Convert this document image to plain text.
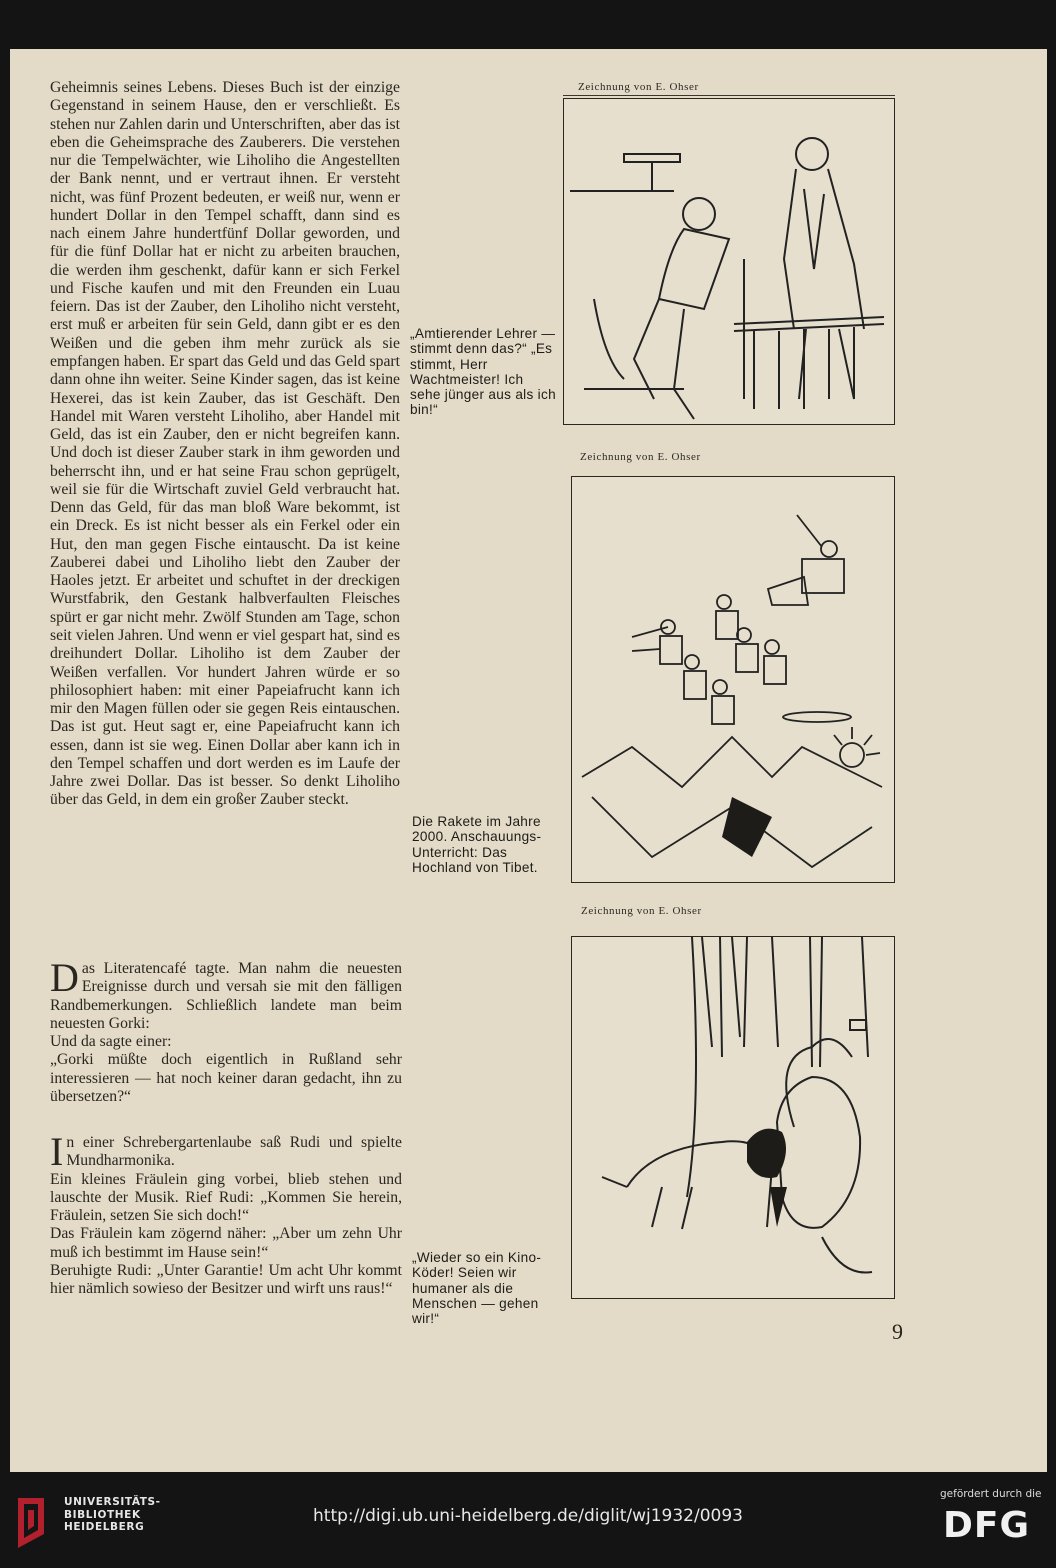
Geheimnis seines Lebens. Dieses Buch ist der einzige Gegenstand in seinem Hause, den er verschließt. Es stehen nur Zahlen darin und Unterschriften, aber das ist eben die Geheimsprache des Zauberers. Die verstehen nur die Tempelwächter, wie Liholiho die Angestellten der Bank nennt, und er vertraut ihnen. Er versteht nicht, was fünf Prozent bedeuten, er weiß nur, wenn er hundert Dollar in den Tempel schafft, dann sind es nach einem Jahre hundertfünf Dollar geworden, und für die fünf Dollar hat er nicht zu arbeiten brauchen, die werden ihm geschenkt, dafür kann er sich Ferkel und Fische kaufen und mit den Freunden ein Luau feiern. Das ist der Zauber, den Liholiho nicht versteht, erst muß er arbeiten für sein Geld, dann gibt er es den Weißen und die geben ihm mehr zurück als sie empfangen haben. Er spart das Geld und das Geld spart dann ohne ihn weiter. Seine Kinder sagen, das ist keine Hexerei, das ist kein Zauber, das ist Geschäft. Den Handel mit Waren versteht Liholiho, aber Handel mit Geld, das ist ein Zauber, den er nicht begreifen kann. Und doch ist dieser Zauber stark in ihm geworden und beherrscht ihn, und er hat seine Frau schon geprügelt, weil sie für die Wirtschaft zuviel Geld verbraucht hat. Denn das Geld, für das man bloß Ware bekommt, ist ein Dreck. Es ist nicht besser als ein Ferkel oder ein Hut, den man gegen Fische eintauscht. Da ist keine Zauberei dabei und Liholiho liebt den Zauber der Haoles jetzt. Er arbeitet und schuftet in der dreckigen Wurstfabrik, den Gestank halbverfaulten Fleisches spürt er gar nicht mehr. Zwölf Stunden am Tage, schon seit vielen Jahren. Und wenn er viel gespart hat, sind es dreihundert Dollar. Liholiho ist dem Zauber der Weißen verfallen. Vor hundert Jahren würde er so philosophiert haben: mit einer Papeiafrucht kann ich mir den Magen füllen oder sie gegen Reis eintauschen. Das ist gut. Heut sagt er, eine Papeiafrucht kann ich essen, dann ist sie weg. Einen Dollar aber kann ich in den Tempel schaffen und dort werden es im Laufe der Jahre zwei Dollar. Das ist besser. So denkt Liholiho über das Geld, in dem ein großer Zauber steckt.

Das Literatencafé tagte. Man nahm die neuesten Ereignisse durch und versah sie mit den fälligen Randbemerkungen. Schließlich landete man beim neuesten Gorki:

Und da sagte einer:

„Gorki müßte doch eigentlich in Rußland sehr interessieren — hat noch keiner daran gedacht, ihn zu übersetzen?“

In einer Schrebergartenlaube saß Rudi und spielte Mundharmonika.

Ein kleines Fräulein ging vorbei, blieb stehen und lauschte der Musik. Rief Rudi: „Kommen Sie herein, Fräulein, setzen Sie sich doch!“

Das Fräulein kam zögernd näher: „Aber um zehn Uhr muß ich bestimmt im Hause sein!“

Beruhigte Rudi: „Unter Garantie! Um acht Uhr kommt hier nämlich sowieso der Besitzer und wirft uns raus!“

Zeichnung von E. Ohser
„Amtierender Lehrer — stimmt denn das?“ „Es stimmt, Herr Wachtmeister! Ich sehe jünger aus als ich bin!“
Zeichnung von E. Ohser
Die Rakete im Jahre 2000. Anschauungs-Unterricht: Das Hochland von Tibet.
Zeichnung von E. Ohser
„Wieder so ein Kino-Köder! Seien wir humaner als die Menschen — gehen wir!“
9
UNIVERSITÄTS-
BIBLIOTHEK
HEIDELBERG
http://digi.ub.uni-heidelberg.de/diglit/wj1932/0093
gefördert durch die
DFG
